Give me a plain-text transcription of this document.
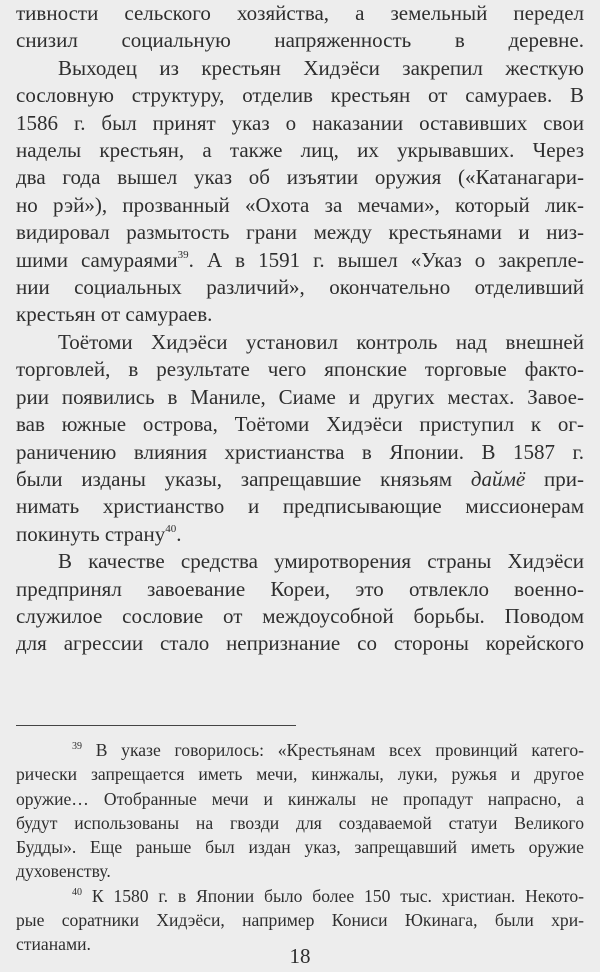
тивности сельского хозяйства, а земельный передел
снизил социальную напряженность в деревне.
Выходец из крестьян Хидэёси закрепил жесткую
сословную структуру, отделив крестьян от самураев. В
1586 г. был принят указ о наказании оставивших свои
наделы крестьян, а также лиц, их укрывавших. Через
два года вышел указ об изъятии оружия («Катанагари-
но рэй»), прозванный «Охота за мечами», который лик-
видировал размытость грани между крестьянами и низ-
шими самураями$^{39}$. А в 1591 г. вышел «Указ о закрепле-
нии социальных различий», окончательно отделивший
крестьян от самураев.
Тоётоми Хидэёси установил контроль над внешней
торговлей, в результате чего японские торговые факто-
рии появились в Маниле, Сиаме и других местах. Завое-
вав южные острова, Тоётоми Хидэёси приступил к ог-
раничению влияния христианства в Японии. В 1587 г.
были изданы указы, запрещавшие князьям даймё при-
нимать христианство и предписывающие миссионерам
покинуть страну$^{40}$.
В качестве средства умиротворения страны Хидэёси
предпринял завоевание Кореи, это отвлекло военно-
служилое сословие от междоусобной борьбы. Поводом
для агрессии стало непризнание со стороны корейского
$^{39}$ В указе говорилось: «Крестьянам всех провинций катего-
рически запрещается иметь мечи, кинжалы, луки, ружья и другое
оружие… Отобранные мечи и кинжалы не пропадут напрасно, а
будут использованы на гвозди для создаваемой статуи Великого
Будды». Еще раньше был издан указ, запрещавший иметь оружие
духовенству.
$^{40}$ К 1580 г. в Японии было более 150 тыс. христиан. Некото-
рые соратники Хидэёси, например Кониси Юкинага, были хри-
стианами.	18
